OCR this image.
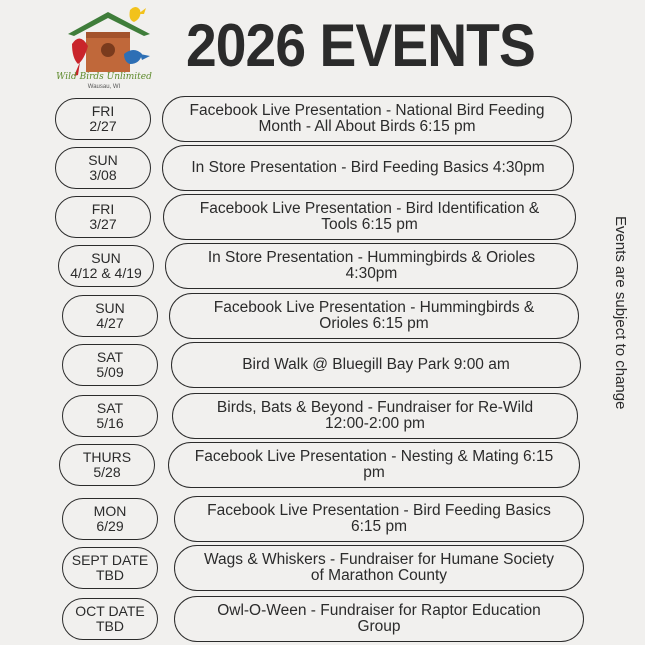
Wild Birds Unlimited
Wausau, WI
2026 EVENTS
Events are subject to change
FRI
2/27
Facebook Live Presentation - National Bird Feeding Month - All About Birds 6:15 pm
SUN
3/08	In Store Presentation - Bird Feeding Basics 4:30pm
FRI
3/27
Facebook Live Presentation - Bird Identification & Tools 6:15 pm
SUN
4/12 & 4/19
In Store Presentation - Hummingbirds & Orioles 4:30pm
SUN
4/27
Facebook Live Presentation - Hummingbirds & Orioles 6:15 pm
SAT
5/09	Bird Walk @ Bluegill Bay Park 9:00 am
SAT
5/16
Birds, Bats & Beyond - Fundraiser for Re-Wild 12:00-2:00 pm
THURS
5/28
Facebook Live Presentation - Nesting & Mating 6:15 pm
MON
6/29
Facebook Live Presentation - Bird Feeding Basics 6:15 pm
SEPT DATE
TBD
Wags & Whiskers - Fundraiser for Humane Society of Marathon County
OCT DATE
TBD
Owl-O-Ween - Fundraiser for Raptor Education Group
